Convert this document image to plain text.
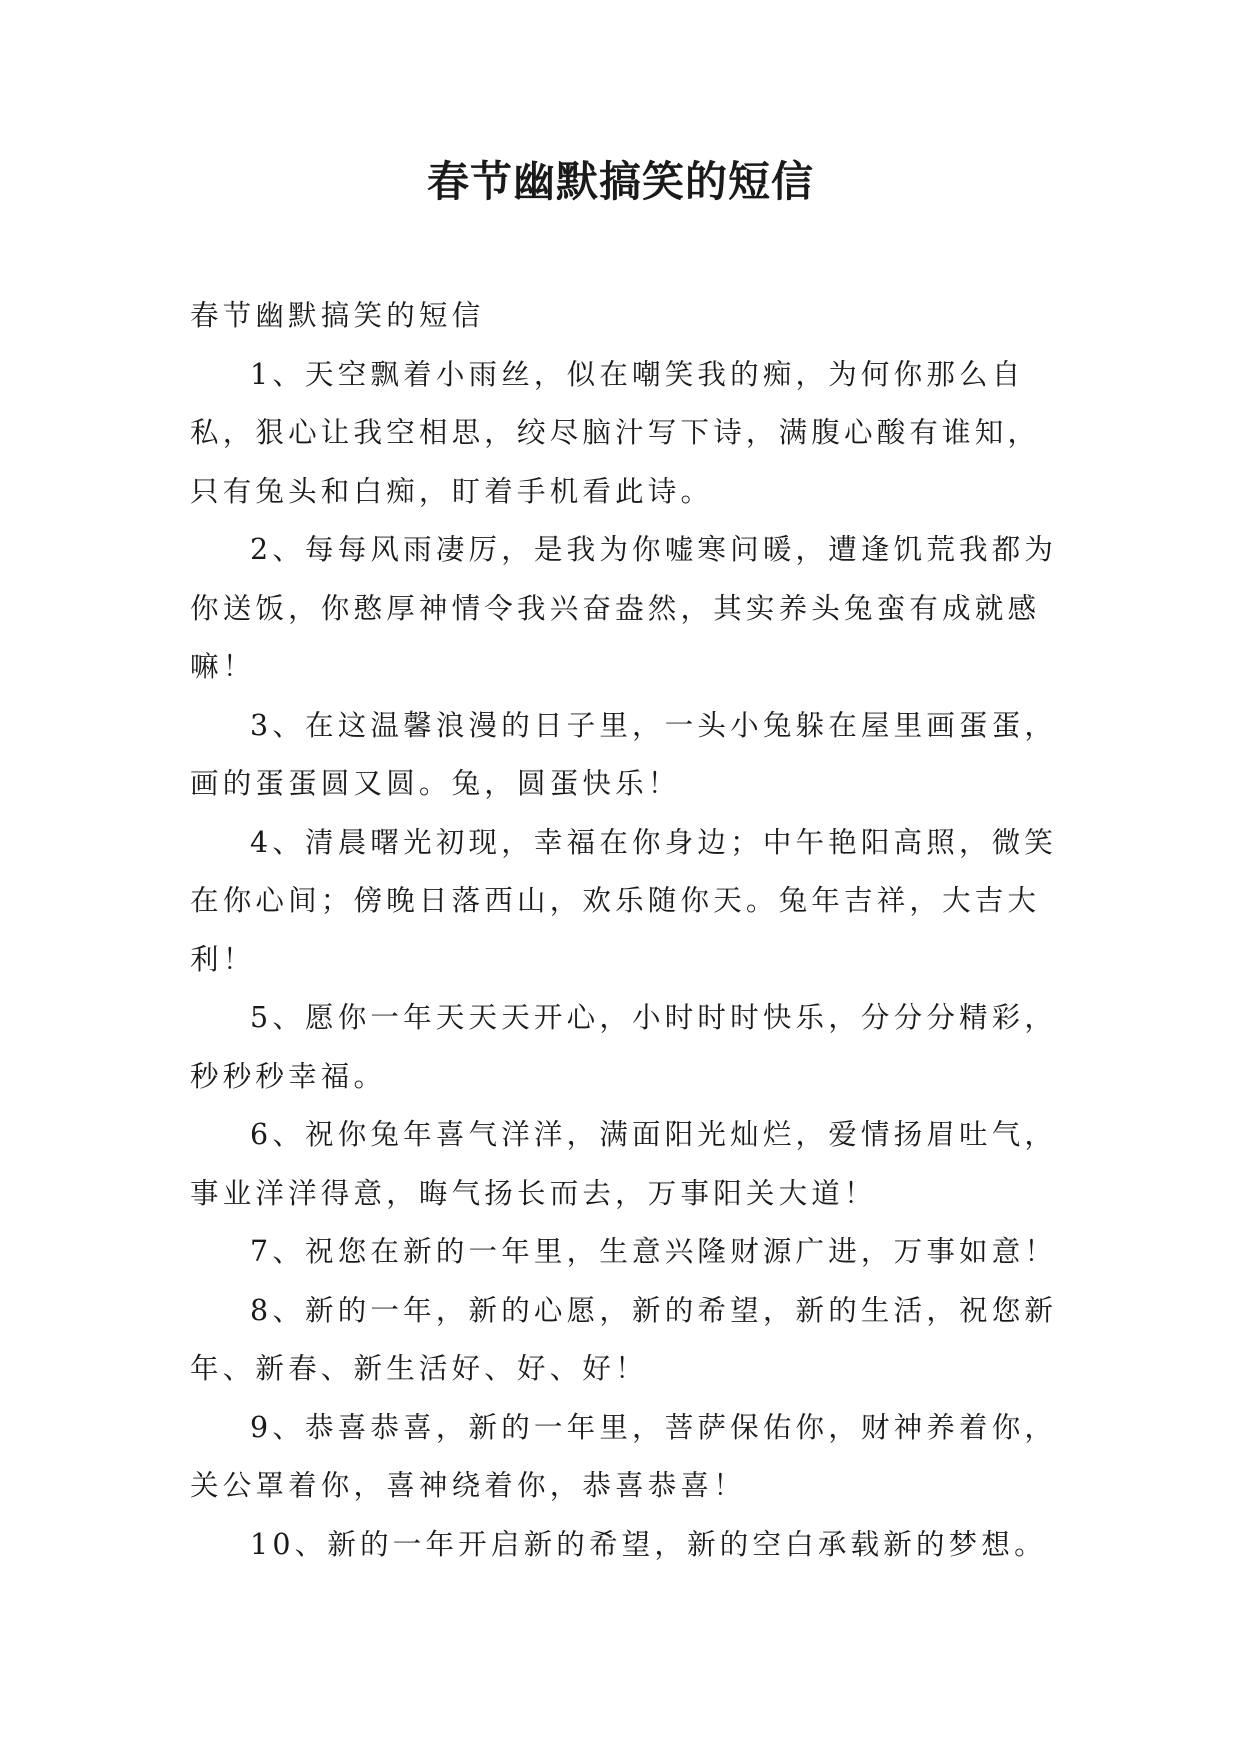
春节幽默搞笑的短信

春节幽默搞笑的短信

1、天空飘着小雨丝，似在嘲笑我的痴，为何你那么自私，狠心让我空相思，绞尽脑汁写下诗，满腹心酸有谁知，只有兔头和白痴，盯着手机看此诗。

2、每每风雨凄厉，是我为你嘘寒问暖，遭逢饥荒我都为你送饭，你憨厚神情令我兴奋盎然，其实养头兔蛮有成就感嘛！

3、在这温馨浪漫的日子里，一头小兔躲在屋里画蛋蛋，画的蛋蛋圆又圆。兔，圆蛋快乐！

4、清晨曙光初现，幸福在你身边；中午艳阳高照，微笑在你心间；傍晚日落西山，欢乐随你天。兔年吉祥，大吉大利！

5、愿你一年天天天开心，小时时时快乐，分分分精彩，秒秒秒幸福。

6、祝你兔年喜气洋洋，满面阳光灿烂，爱情扬眉吐气，事业洋洋得意，晦气扬长而去，万事阳关大道！

7、祝您在新的一年里，生意兴隆财源广进，万事如意！

8、新的一年，新的心愿，新的希望，新的生活，祝您新年、新春、新生活好、好、好！

9、恭喜恭喜，新的一年里，菩萨保佑你，财神养着你，关公罩着你，喜神绕着你，恭喜恭喜！

10、新的一年开启新的希望，新的空白承载新的梦想。
